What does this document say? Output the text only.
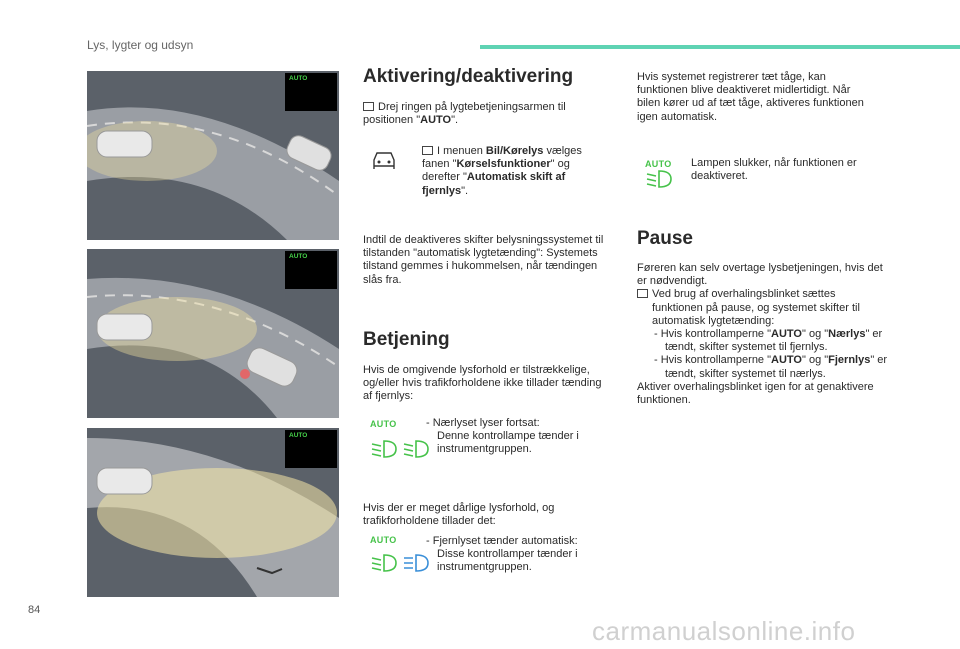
Lys, lygter og udsyn
AUTO
AUTO
AUTO
Aktivering/deaktivering
Drej ringen på lygtebetjeningsarmen til positionen "AUTO".
I menuen Bil/Kørelys vælges fanen "Kørselsfunktioner" og derefter "Automatisk skift af fjernlys".
Indtil de deaktiveres skifter belysningssystemet til tilstanden "automatisk lygtetænding": Systemets tilstand gemmes i hukommelsen, når tændingen slås fra.
Betjening
Hvis de omgivende lysforhold er tilstrækkelige, og/eller hvis trafikforholdene ikke tillader tænding af fjernlys:
AUTO
	- Nærlyset lyser fortsat:
Denne kontrollampe tænder i instrumentgruppen.
Hvis der er meget dårlige lysforhold, og trafikforholdene tillader det:
AUTO
	- Fjernlyset tænder automatisk:
Disse kontrollamper tænder i instrumentgruppen.
Hvis systemet registrerer tæt tåge, kan funktionen blive deaktiveret midlertidigt. Når bilen kører ud af tæt tåge, aktiveres funktionen igen automatisk.
AUTO Lampen slukker, når funktionen er deaktiveret.
Pause
Føreren kan selv overtage lysbetjeningen, hvis det er nødvendigt.
Ved brug af overhalingsblinket sættes funktionen på pause, og systemet skifter til automatisk lygtetænding:
- Hvis kontrollamperne "AUTO" og "Nærlys" er tændt, skifter systemet til fjernlys.
- Hvis kontrollamperne "AUTO" og "Fjernlys" er tændt, skifter systemet til nærlys.
Aktiver overhalingsblinket igen for at genaktivere funktionen.
84
carmanualsonline.info
